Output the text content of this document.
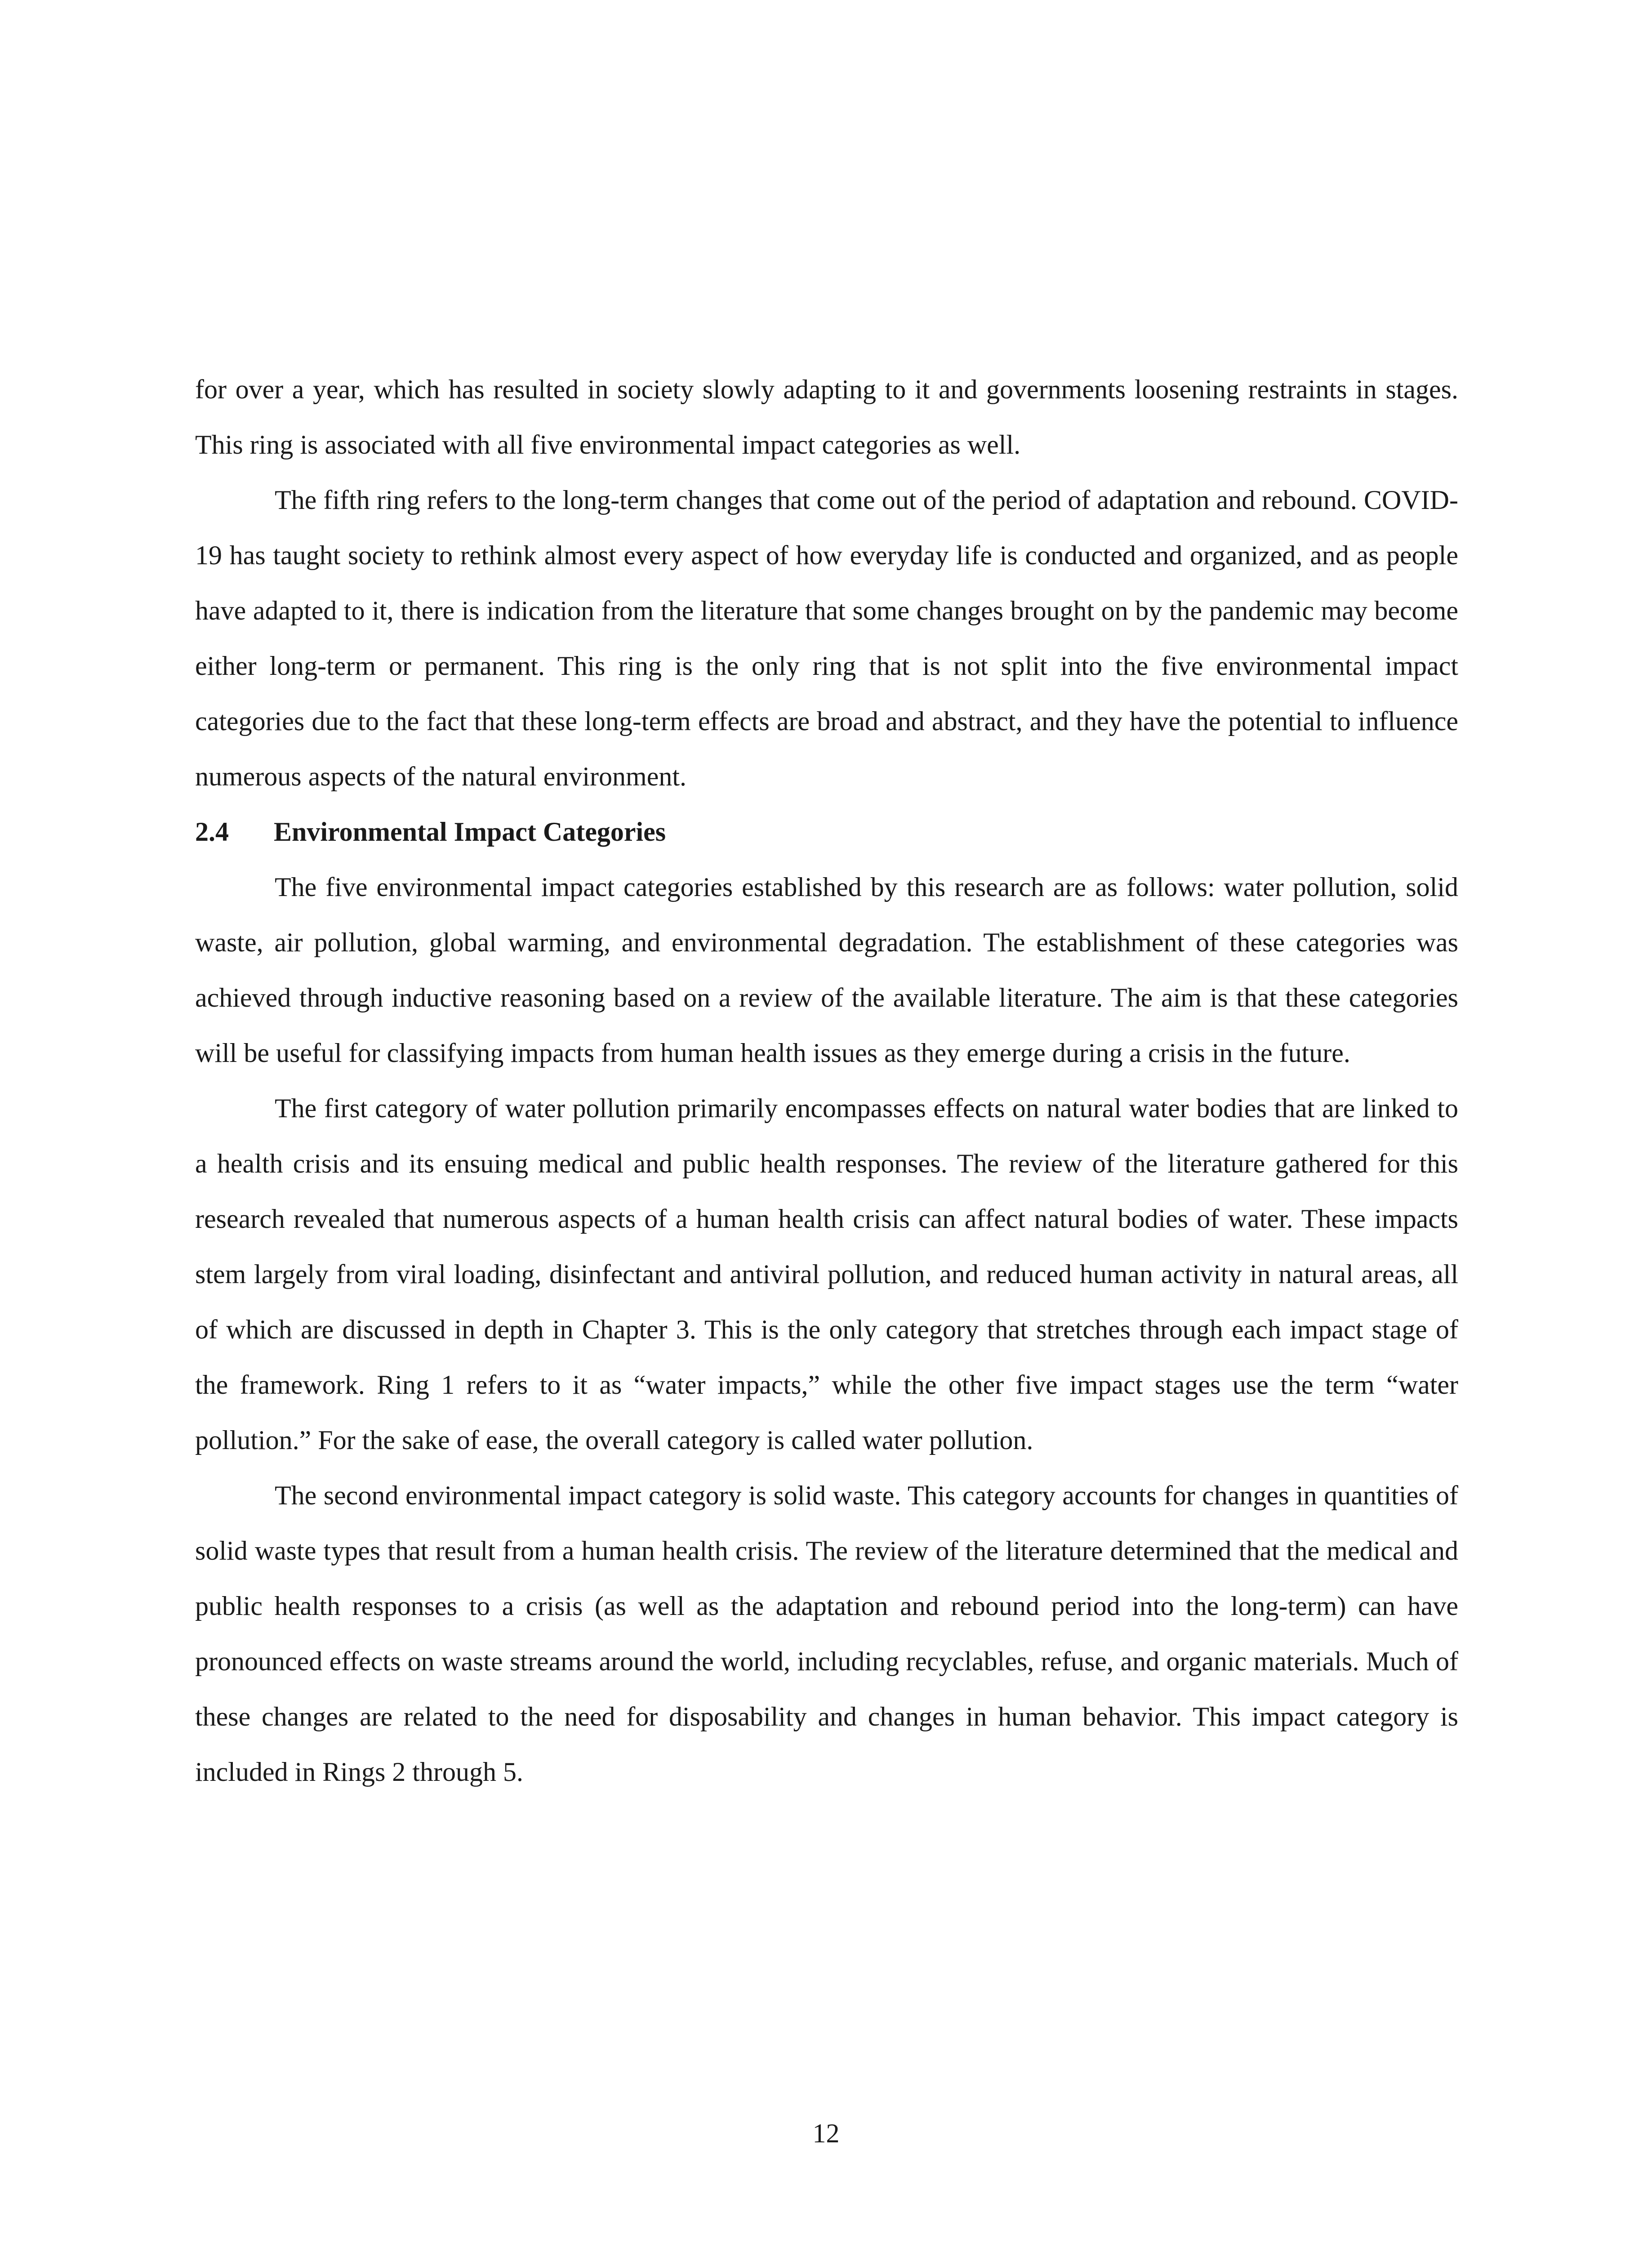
for over a year, which has resulted in society slowly adapting to it and governments loosening restraints in stages. This ring is associated with all five environmental impact categories as well.

The fifth ring refers to the long-term changes that come out of the period of adaptation and rebound. COVID-19 has taught society to rethink almost every aspect of how everyday life is conducted and organized, and as people have adapted to it, there is indication from the literature that some changes brought on by the pandemic may become either long-term or permanent. This ring is the only ring that is not split into the five environmental impact categories due to the fact that these long-term effects are broad and abstract, and they have the potential to influence numerous aspects of the natural environment.

2.4	Environmental Impact Categories

The five environmental impact categories established by this research are as follows: water pollution, solid waste, air pollution, global warming, and environmental degradation. The establishment of these categories was achieved through inductive reasoning based on a review of the available literature. The aim is that these categories will be useful for classifying impacts from human health issues as they emerge during a crisis in the future.

The first category of water pollution primarily encompasses effects on natural water bodies that are linked to a health crisis and its ensuing medical and public health responses. The review of the literature gathered for this research revealed that numerous aspects of a human health crisis can affect natural bodies of water. These impacts stem largely from viral loading, disinfectant and antiviral pollution, and reduced human activity in natural areas, all of which are discussed in depth in Chapter 3. This is the only category that stretches through each impact stage of the framework. Ring 1 refers to it as “water impacts,” while the other five impact stages use the term “water pollution.” For the sake of ease, the overall category is called water pollution.

The second environmental impact category is solid waste. This category accounts for changes in quantities of solid waste types that result from a human health crisis. The review of the literature determined that the medical and public health responses to a crisis (as well as the adaptation and rebound period into the long-term) can have pronounced effects on waste streams around the world, including recyclables, refuse, and organic materials. Much of these changes are related to the need for disposability and changes in human behavior. This impact category is included in Rings 2 through 5.

12
